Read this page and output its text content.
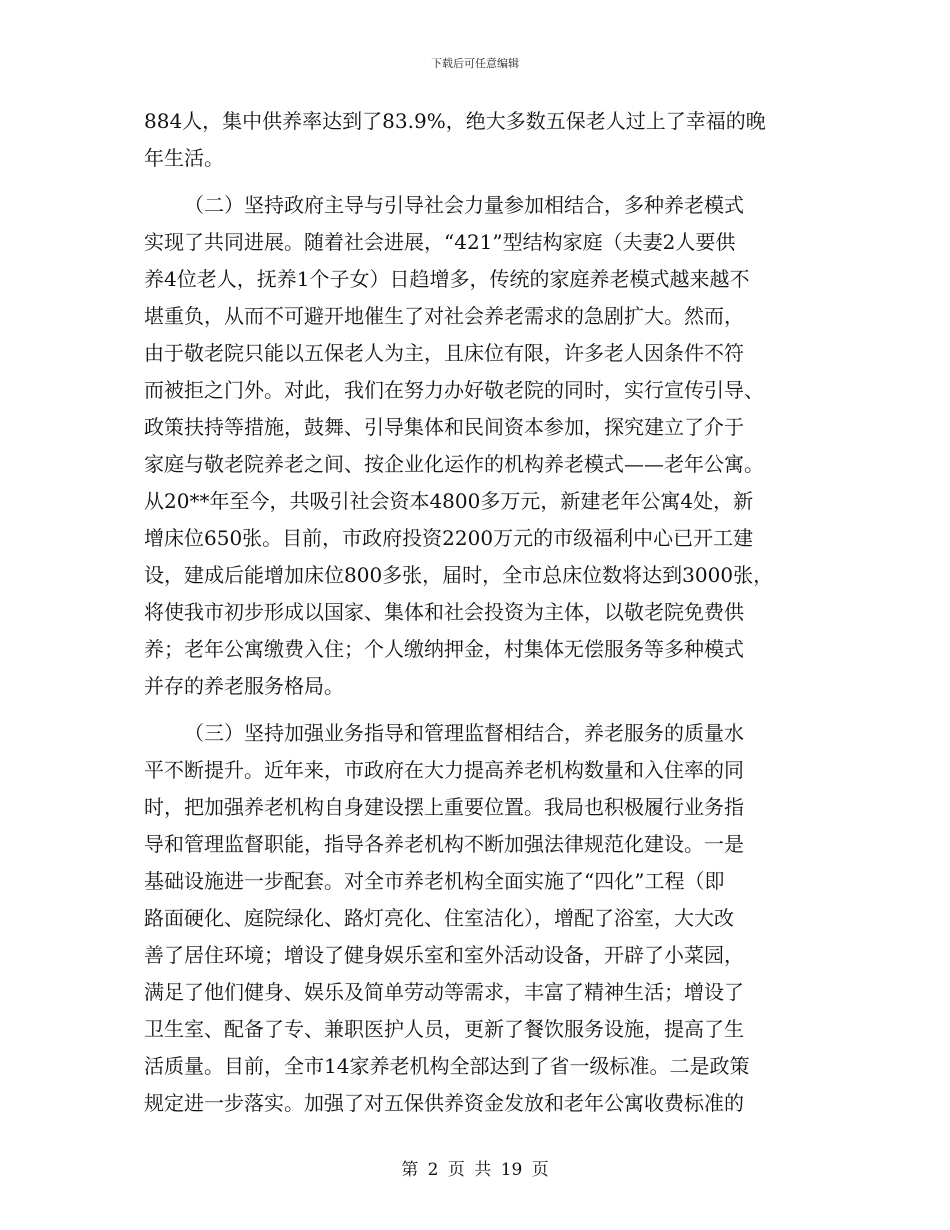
下载后可任意编辑
884人，集中供养率达到了83.9%，绝大多数五保老人过上了幸福的晚
年生活。
（二）坚持政府主导与引导社会力量参加相结合，多种养老模式
实现了共同进展。随着社会进展，“421”型结构家庭（夫妻2人要供
养4位老人，抚养1个子女）日趋增多，传统的家庭养老模式越来越不
堪重负，从而不可避开地催生了对社会养老需求的急剧扩大。然而，
由于敬老院只能以五保老人为主，且床位有限，许多老人因条件不符
而被拒之门外。对此，我们在努力办好敬老院的同时，实行宣传引导、
政策扶持等措施，鼓舞、引导集体和民间资本参加，探究建立了介于
家庭与敬老院养老之间、按企业化运作的机构养老模式——老年公寓。
从20**年至今，共吸引社会资本4800多万元，新建老年公寓4处，新
增床位650张。目前，市政府投资2200万元的市级福利中心已开工建
设，建成后能增加床位800多张，届时，全市总床位数将达到3000张，
将使我市初步形成以国家、集体和社会投资为主体，以敬老院免费供
养；老年公寓缴费入住；个人缴纳押金，村集体无偿服务等多种模式
并存的养老服务格局。
（三）坚持加强业务指导和管理监督相结合，养老服务的质量水
平不断提升。近年来，市政府在大力提高养老机构数量和入住率的同
时，把加强养老机构自身建设摆上重要位置。我局也积极履行业务指
导和管理监督职能，指导各养老机构不断加强法律规范化建设。一是
基础设施进一步配套。对全市养老机构全面实施了“四化”工程（即
路面硬化、庭院绿化、路灯亮化、住室洁化），增配了浴室，大大改
善了居住环境；增设了健身娱乐室和室外活动设备，开辟了小菜园，
满足了他们健身、娱乐及简单劳动等需求，丰富了精神生活；增设了
卫生室、配备了专、兼职医护人员，更新了餐饮服务设施，提高了生
活质量。目前，全市14家养老机构全部达到了省一级标准。二是政策
规定进一步落实。加强了对五保供养资金发放和老年公寓收费标准的
第 2 页 共 19 页
